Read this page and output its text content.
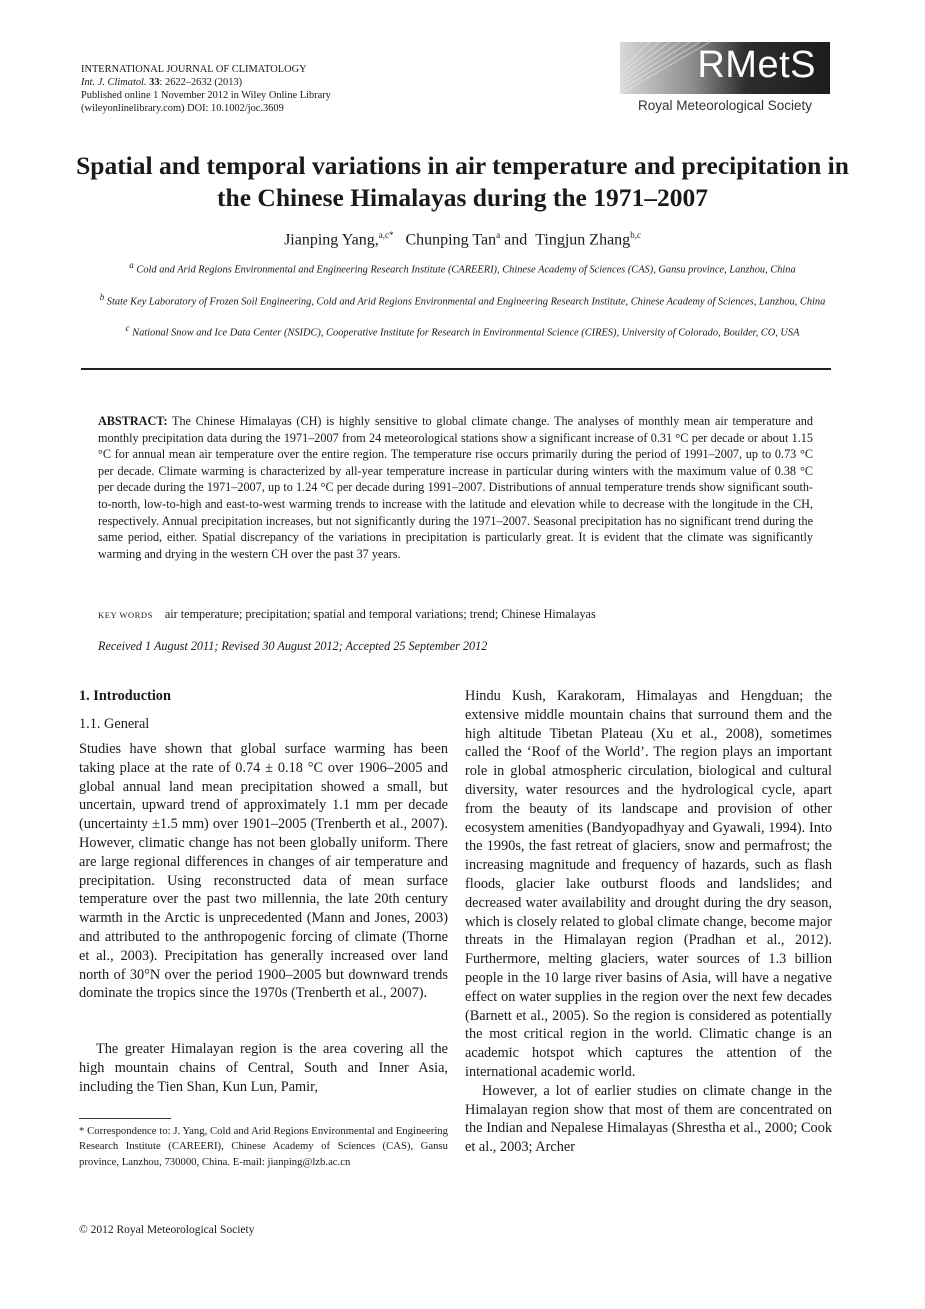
INTERNATIONAL JOURNAL OF CLIMATOLOGY
Int. J. Climatol. 33: 2622–2632 (2013)
Published online 1 November 2012 in Wiley Online Library
(wileyonlinelibrary.com) DOI: 10.1002/joc.3609
RMetS
Royal Meteorological Society
Spatial and temporal variations in air temperature and precipitation in the Chinese Himalayas during the 1971–2007
Jianping Yang,$^{a,c*}$ Chunping Tan$^a$ and Tingjun Zhang$^{b,c}$
$^a$ Cold and Arid Regions Environmental and Engineering Research Institute (CAREERI), Chinese Academy of Sciences (CAS), Gansu province, Lanzhou, China
$^b$ State Key Laboratory of Frozen Soil Engineering, Cold and Arid Regions Environmental and Engineering Research Institute, Chinese Academy of Sciences, Lanzhou, China
$^c$ National Snow and Ice Data Center (NSIDC), Cooperative Institute for Research in Environmental Science (CIRES), University of Colorado, Boulder, CO, USA
ABSTRACT: The Chinese Himalayas (CH) is highly sensitive to global climate change. The analyses of monthly mean air temperature and monthly precipitation data during the 1971–2007 from 24 meteorological stations show a significant increase of 0.31 °C per decade or about 1.15 °C for annual mean air temperature over the entire region. The temperature rise occurs primarily during the period of 1991–2007, up to 0.73 °C per decade. Climate warming is characterized by all-year temperature increase in particular during winters with the maximum value of 0.38 °C per decade during the 1971–2007, up to 1.24 °C per decade during 1991–2007. Distributions of annual temperature trends show significant south-to-north, low-to-high and east-to-west warming trends to increase with the latitude and elevation while to decrease with the longitude in the CH, respectively. Annual precipitation increases, but not significantly during the 1971–2007. Seasonal precipitation has no significant trend during the same period, either. Spatial discrepancy of the variations in precipitation is particularly great. It is evident that the climate was significantly warming and drying in the western CH over the past 37 years.
KEY WORDS air temperature; precipitation; spatial and temporal variations; trend; Chinese Himalayas
Received 1 August 2011; Revised 30 August 2012; Accepted 25 September 2012
1. Introduction
1.1. General
Studies have shown that global surface warming has been taking place at the rate of 0.74 ± 0.18 °C over 1906–2005 and global annual land mean precipitation showed a small, but uncertain, upward trend of approximately 1.1 mm per decade (uncertainty ±1.5 mm) over 1901–2005 (Trenberth et al., 2007). However, climatic change has not been globally uniform. There are large regional differences in changes of air temperature and precipitation. Using reconstructed data of mean surface temperature over the past two millennia, the late 20th century warmth in the Arctic is unprecedented (Mann and Jones, 2003) and attributed to the anthropogenic forcing of climate (Thorne et al., 2003). Precipitation has generally increased over land north of 30°N over the period 1900–2005 but downward trends dominate the tropics since the 1970s (Trenberth et al., 2007).
The greater Himalayan region is the area covering all the high mountain chains of Central, South and Inner Asia, including the Tien Shan, Kun Lun, Pamir,
* Correspondence to: J. Yang, Cold and Arid Regions Environmental and Engineering Research Institute (CAREERI), Chinese Academy of Sciences (CAS), Gansu province, Lanzhou, 730000, China. E-mail: jianping@lzb.ac.cn
Hindu Kush, Karakoram, Himalayas and Hengduan; the extensive middle mountain chains that surround them and the high altitude Tibetan Plateau (Xu et al., 2008), sometimes called the ‘Roof of the World’. The region plays an important role in global atmospheric circulation, biological and cultural diversity, water resources and the hydrological cycle, apart from the beauty of its landscape and provision of other ecosystem amenities (Bandyopadhyay and Gyawali, 1994). Into the 1990s, the fast retreat of glaciers, snow and permafrost; the increasing magnitude and frequency of hazards, such as flash floods, glacier lake outburst floods and landslides; and decreased water availability and drought during the dry season, which is closely related to global climate change, become major threats in the Himalayan region (Pradhan et al., 2012). Furthermore, melting glaciers, water sources of 1.3 billion people in the 10 large river basins of Asia, will have a negative effect on water supplies in the region over the next few decades (Barnett et al., 2005). So the region is considered as potentially the most critical region in the world. Climatic change is an academic hotspot which captures the attention of the international academic world.
However, a lot of earlier studies on climate change in the Himalayan region show that most of them are concentrated on the Indian and Nepalese Himalayas (Shrestha et al., 2000; Cook et al., 2003; Archer
© 2012 Royal Meteorological Society
